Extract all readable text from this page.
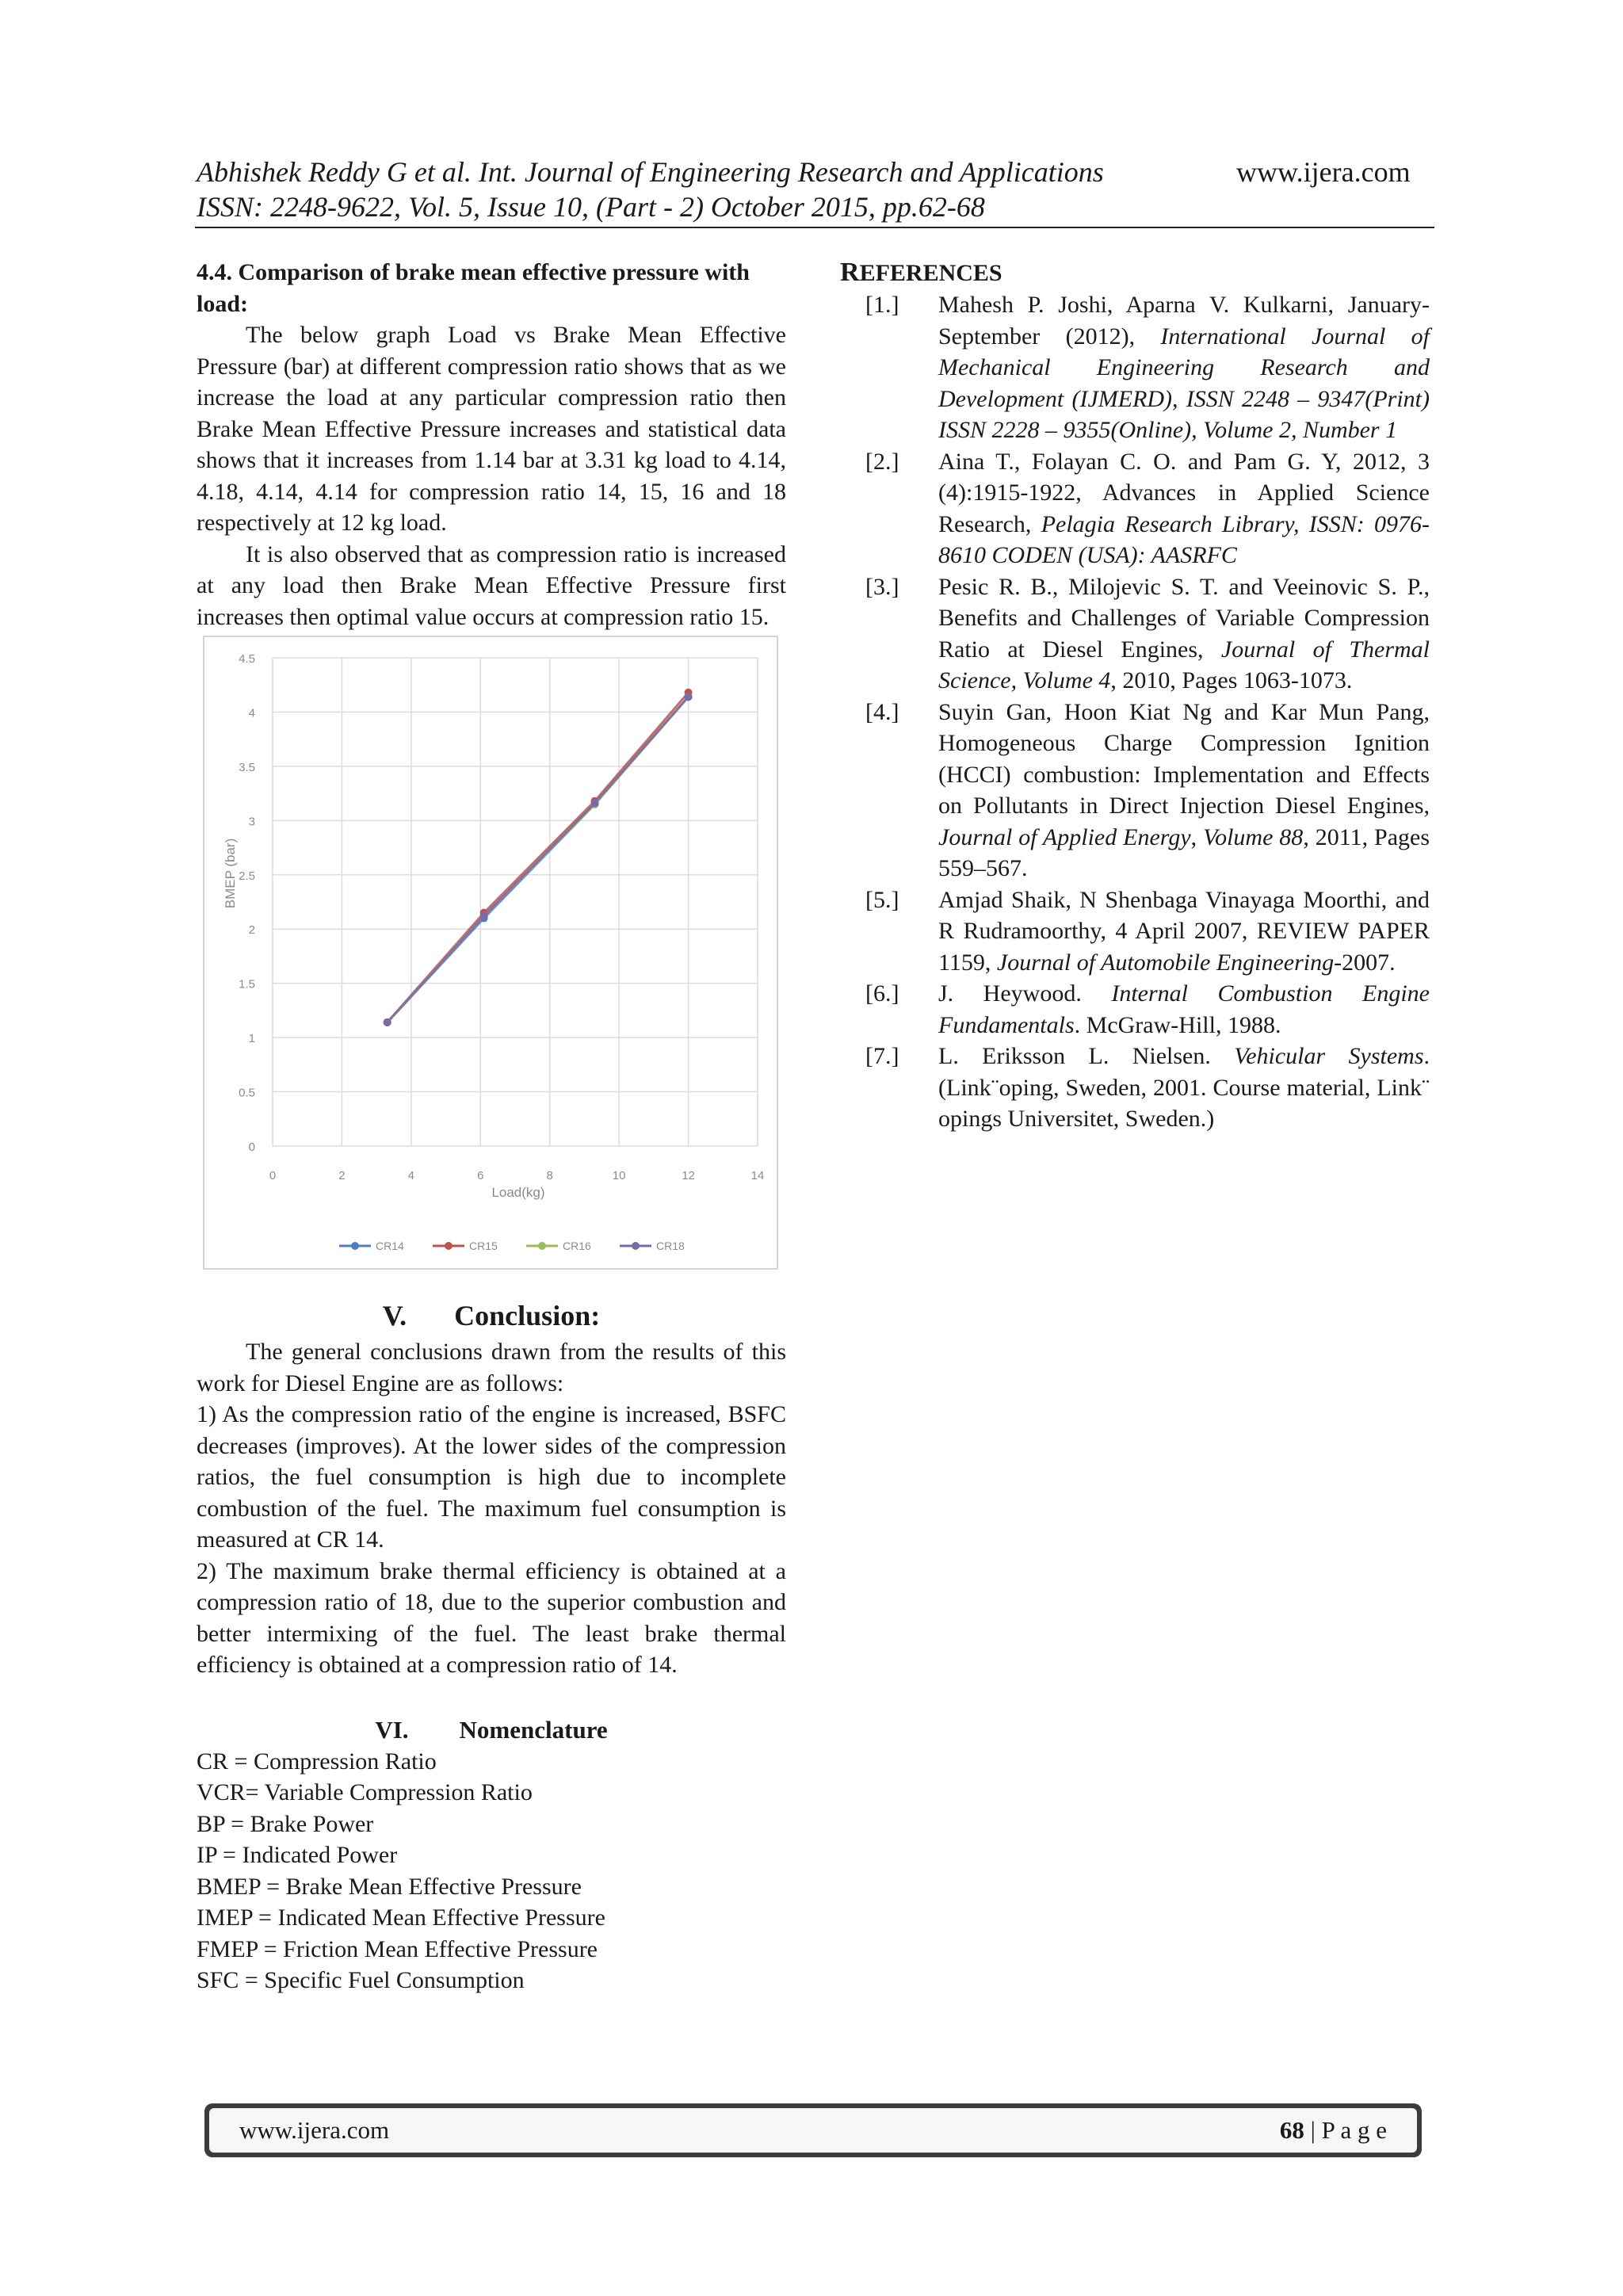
Abhishek Reddy G et al. Int. Journal of Engineering Research and Applications
ISSN: 2248-9622, Vol. 5, Issue 10, (Part - 2) October 2015, pp.62-68
www.ijera.com

4.4. Comparison of brake mean effective pressure with load:

The below graph Load vs Brake Mean Effective Pressure (bar) at different compression ratio shows that as we increase the load at any particular compression ratio then Brake Mean Effective Pressure increases and statistical data shows that it increases from 1.14 bar at 3.31 kg load to 4.14, 4.18, 4.14, 4.14 for compression ratio 14, 15, 16 and 18 respectively at 12 kg load.

It is also observed that as compression ratio is increased at any load then Brake Mean Effective Pressure first increases then optimal value occurs at compression ratio 15.

0
0.5
1
1.5
2
2.5
3
3.5
4
4.5
0	2	4	6	8	10	12	14
BMEP (bar)
Load(kg)
CR14	CR15	CR16	CR18
V. Conclusion:

The general conclusions drawn from the results of this work for Diesel Engine are as follows:

1) As the compression ratio of the engine is increased, BSFC decreases (improves). At the lower sides of the compression ratios, the fuel consumption is high due to incomplete combustion of the fuel. The maximum fuel consumption is measured at CR 14.

2) The maximum brake thermal efficiency is obtained at a compression ratio of 18, due to the superior combustion and better intermixing of the fuel. The least brake thermal efficiency is obtained at a compression ratio of 14.

VI. Nomenclature

CR = Compression Ratio

VCR= Variable Compression Ratio

BP = Brake Power

IP = Indicated Power

BMEP = Brake Mean Effective Pressure

IMEP = Indicated Mean Effective Pressure

FMEP = Friction Mean Effective Pressure

SFC = Specific Fuel Consumption

REFERENCES

[1.]	Mahesh P. Joshi, Aparna V. Kulkarni, January- September (2012), International Journal of Mechanical Engineering Research and Development (IJMERD), ISSN 2248 – 9347(Print) ISSN 2228 – 9355(Online), Volume 2, Number 1
[2.]	Aina T., Folayan C. O. and Pam G. Y, 2012, 3 (4):1915-1922, Advances in Applied Science Research, Pelagia Research Library, ISSN: 0976-8610 CODEN (USA): AASRFC
[3.]	Pesic R. B., Milojevic S. T. and Veeinovic S. P., Benefits and Challenges of Variable Compression Ratio at Diesel Engines, Journal of Thermal Science, Volume 4, 2010, Pages 1063-1073.
[4.]	Suyin Gan, Hoon Kiat Ng and Kar Mun Pang, Homogeneous Charge Compression Ignition (HCCI) combustion: Implementation and Effects on Pollutants in Direct Injection Diesel Engines, Journal of Applied Energy, Volume 88, 2011, Pages 559–567.
[5.]	Amjad Shaik, N Shenbaga Vinayaga Moorthi, and R Rudramoorthy, 4 April 2007, REVIEW PAPER 1159, Journal of Automobile Engineering-2007.
[6.]	J. Heywood. Internal Combustion Engine Fundamentals. McGraw-Hill, 1988.
[7.]	L. Eriksson L. Nielsen. Vehicular Systems. (Link¨oping, Sweden, 2001. Course material, Link¨ opings Universitet, Sweden.)
www.ijera.com	68 | P a g e
